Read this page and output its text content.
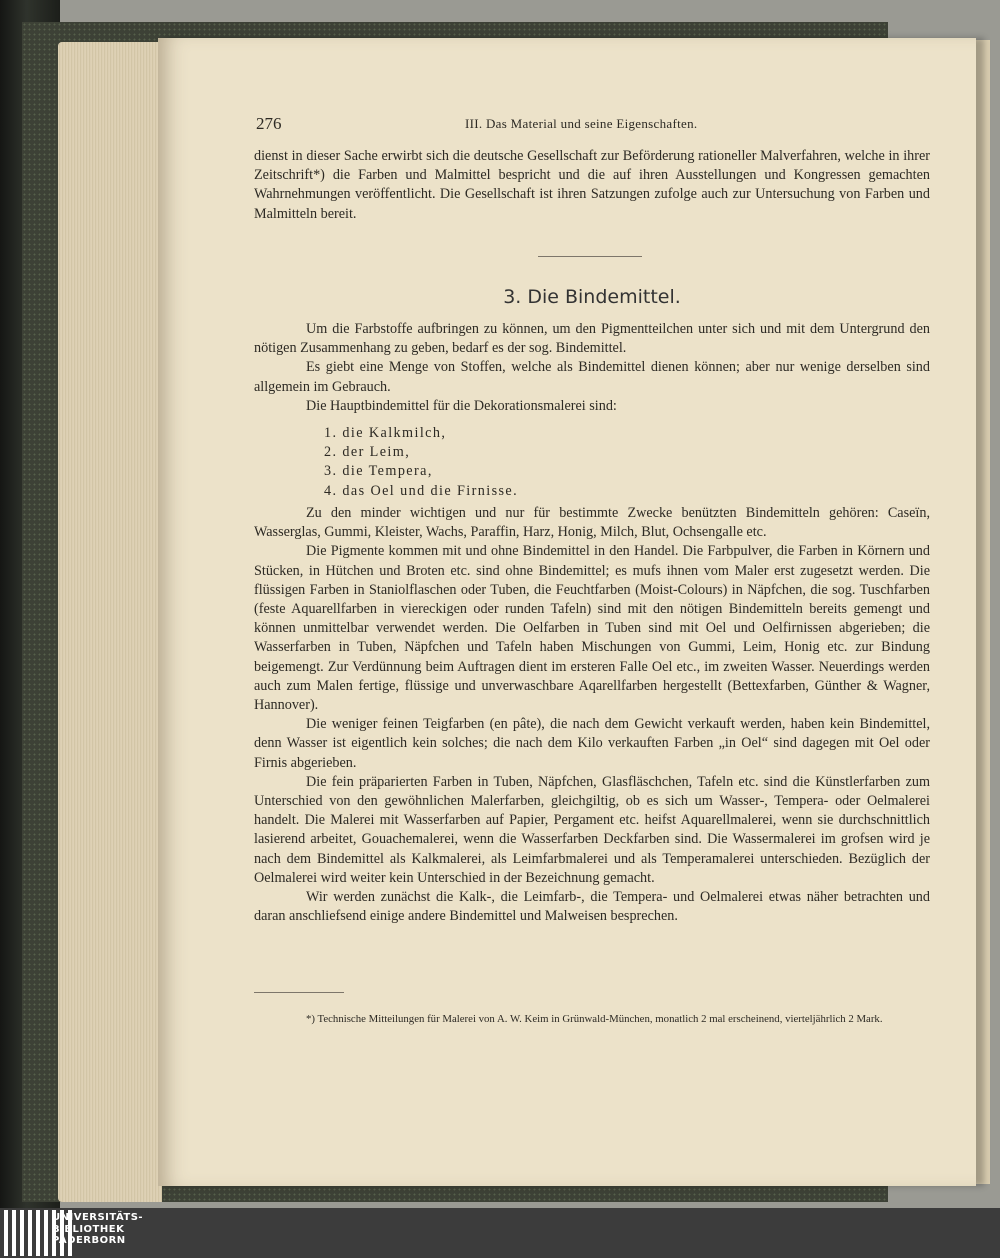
276	III. Das Material und seine Eigenschaften.

dienst in dieser Sache erwirbt sich die deutsche Gesellschaft zur Beförderung rationeller Malverfahren, welche in ihrer Zeitschrift*) die Farben und Malmittel bespricht und die auf ihren Ausstellungen und Kongressen gemachten Wahrnehmungen veröffentlicht. Die Gesellschaft ist ihren Satzungen zufolge auch zur Untersuchung von Farben und Malmitteln bereit.

3. Die Bindemittel.

Um die Farbstoffe aufbringen zu können, um den Pigmentteilchen unter sich und mit dem Untergrund den nötigen Zusammenhang zu geben, bedarf es der sog. Bindemittel.

Es giebt eine Menge von Stoffen, welche als Bindemittel dienen können; aber nur wenige derselben sind allgemein im Gebrauch.

Die Hauptbindemittel für die Dekorationsmalerei sind:

1. die Kalkmilch,
2. der Leim,
3. die Tempera,
4. das Oel und die Firnisse.

Zu den minder wichtigen und nur für bestimmte Zwecke benützten Bindemitteln gehören: Caseïn, Wasserglas, Gummi, Kleister, Wachs, Paraffin, Harz, Honig, Milch, Blut, Ochsengalle etc.

Die Pigmente kommen mit und ohne Bindemittel in den Handel. Die Farbpulver, die Farben in Körnern und Stücken, in Hütchen und Broten etc. sind ohne Bindemittel; es mufs ihnen vom Maler erst zugesetzt werden. Die flüssigen Farben in Staniolflaschen oder Tuben, die Feuchtfarben (Moist-Colours) in Näpfchen, die sog. Tuschfarben (feste Aquarellfarben in viereckigen oder runden Tafeln) sind mit den nötigen Bindemitteln bereits gemengt und können unmittelbar verwendet werden. Die Oelfarben in Tuben sind mit Oel und Oelfirnissen abgerieben; die Wasserfarben in Tuben, Näpfchen und Tafeln haben Mischungen von Gummi, Leim, Honig etc. zur Bindung beigemengt. Zur Verdünnung beim Auftragen dient im ersteren Falle Oel etc., im zweiten Wasser. Neuerdings werden auch zum Malen fertige, flüssige und unverwaschbare Aqarellfarben hergestellt (Bettexfarben, Günther & Wagner, Hannover).

Die weniger feinen Teigfarben (en pâte), die nach dem Gewicht verkauft werden, haben kein Bindemittel, denn Wasser ist eigentlich kein solches; die nach dem Kilo verkauften Farben „in Oel“ sind dagegen mit Oel oder Firnis abgerieben.

Die fein präparierten Farben in Tuben, Näpfchen, Glasfläschchen, Tafeln etc. sind die Künstlerfarben zum Unterschied von den gewöhnlichen Malerfarben, gleichgiltig, ob es sich um Wasser-, Tempera- oder Oelmalerei handelt. Die Malerei mit Wasserfarben auf Papier, Pergament etc. heifst Aquarellmalerei, wenn sie durchschnittlich lasierend arbeitet, Gouachemalerei, wenn die Wasserfarben Deckfarben sind. Die Wassermalerei im grofsen wird je nach dem Bindemittel als Kalkmalerei, als Leimfarbmalerei und als Temperamalerei unterschieden. Bezüglich der Oelmalerei wird weiter kein Unterschied in der Bezeichnung gemacht.

Wir werden zunächst die Kalk-, die Leimfarb-, die Tempera- und Oelmalerei etwas näher betrachten und daran anschliefsend einige andere Bindemittel und Malweisen besprechen.

*) Technische Mitteilungen für Malerei von A. W. Keim in Grünwald-München, monatlich 2 mal erscheinend, vierteljährlich 2 Mark.
UNIVERSITÄTS-
BIBLIOTHEK
PADERBORN
